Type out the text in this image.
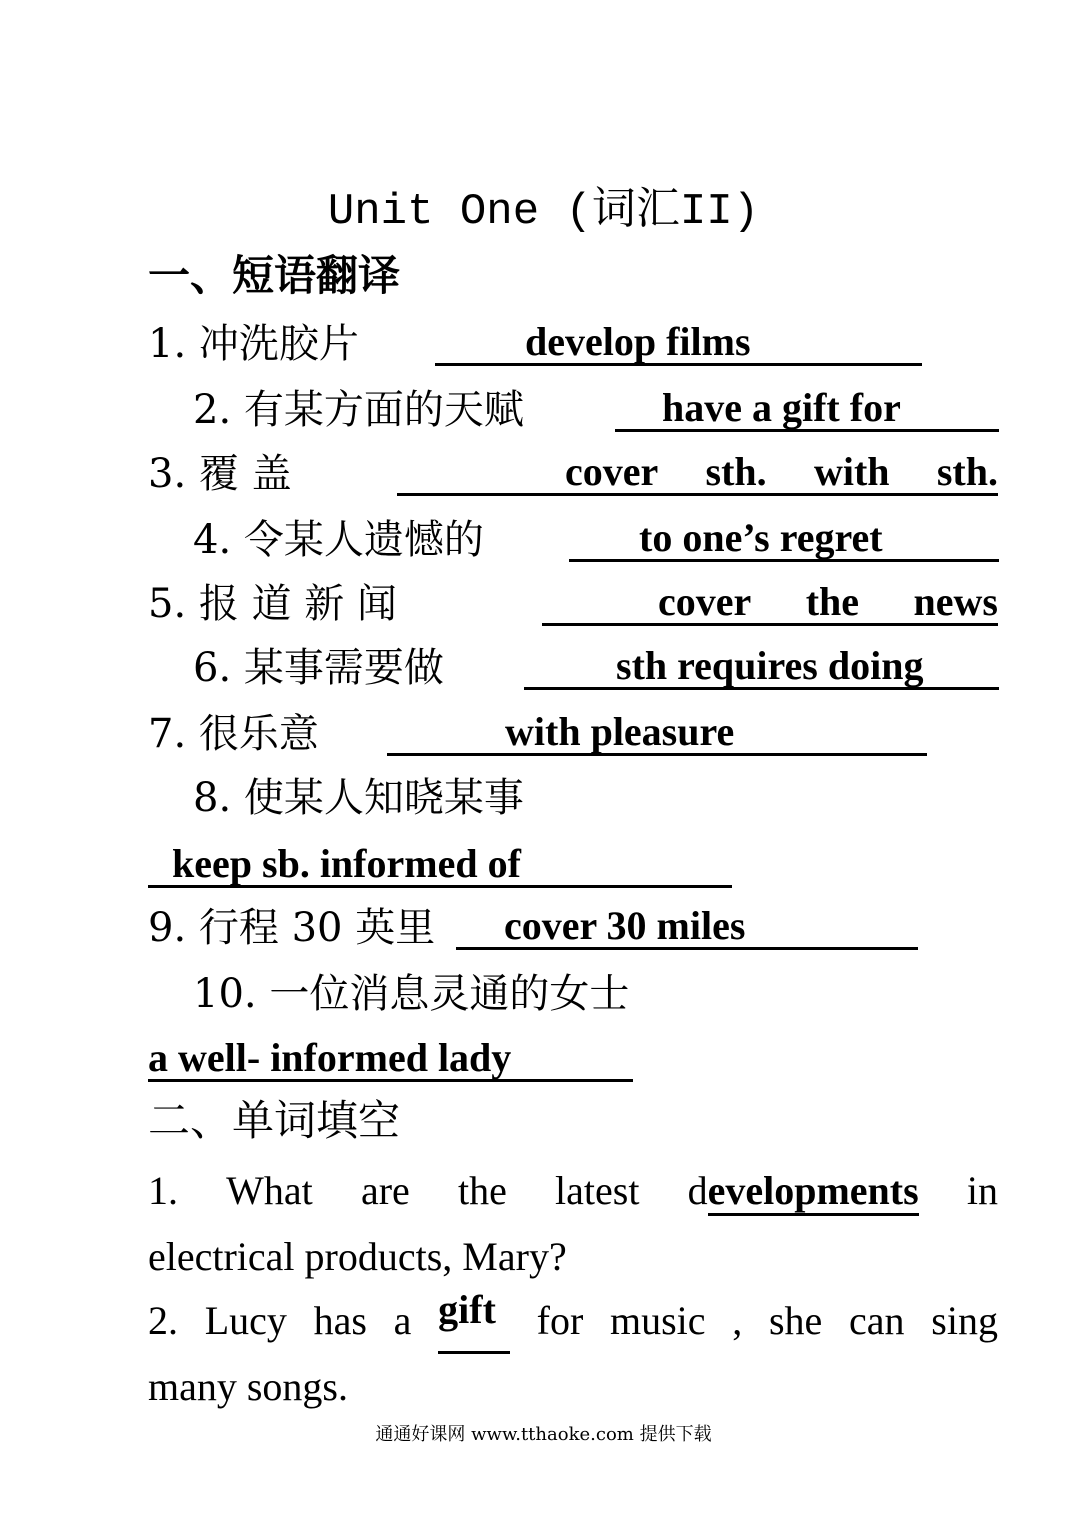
Unit One (词汇II)
一、短语翻译
1. 冲洗胶片	develop films
2. 有某方面的天赋	have a gift for
3. 覆 盖	cover sth. with sth.
4. 令某人遗憾的	to one’s regret
5. 报 道 新 闻	cover the news
6. 某事需要做	sth requires doing
7. 很乐意	with pleasure
8. 使某人知晓某事
keep sb. informed of
9. 行程 30 英里	cover 30 miles
10. 一位消息灵通的女士
a well- informed lady
二、单词填空
1. What are the latest developments in
electrical products, Mary?
2. Lucy has a gift	for music , she can sing
many songs.
通通好课网 www.tthaoke.com 提供下载
